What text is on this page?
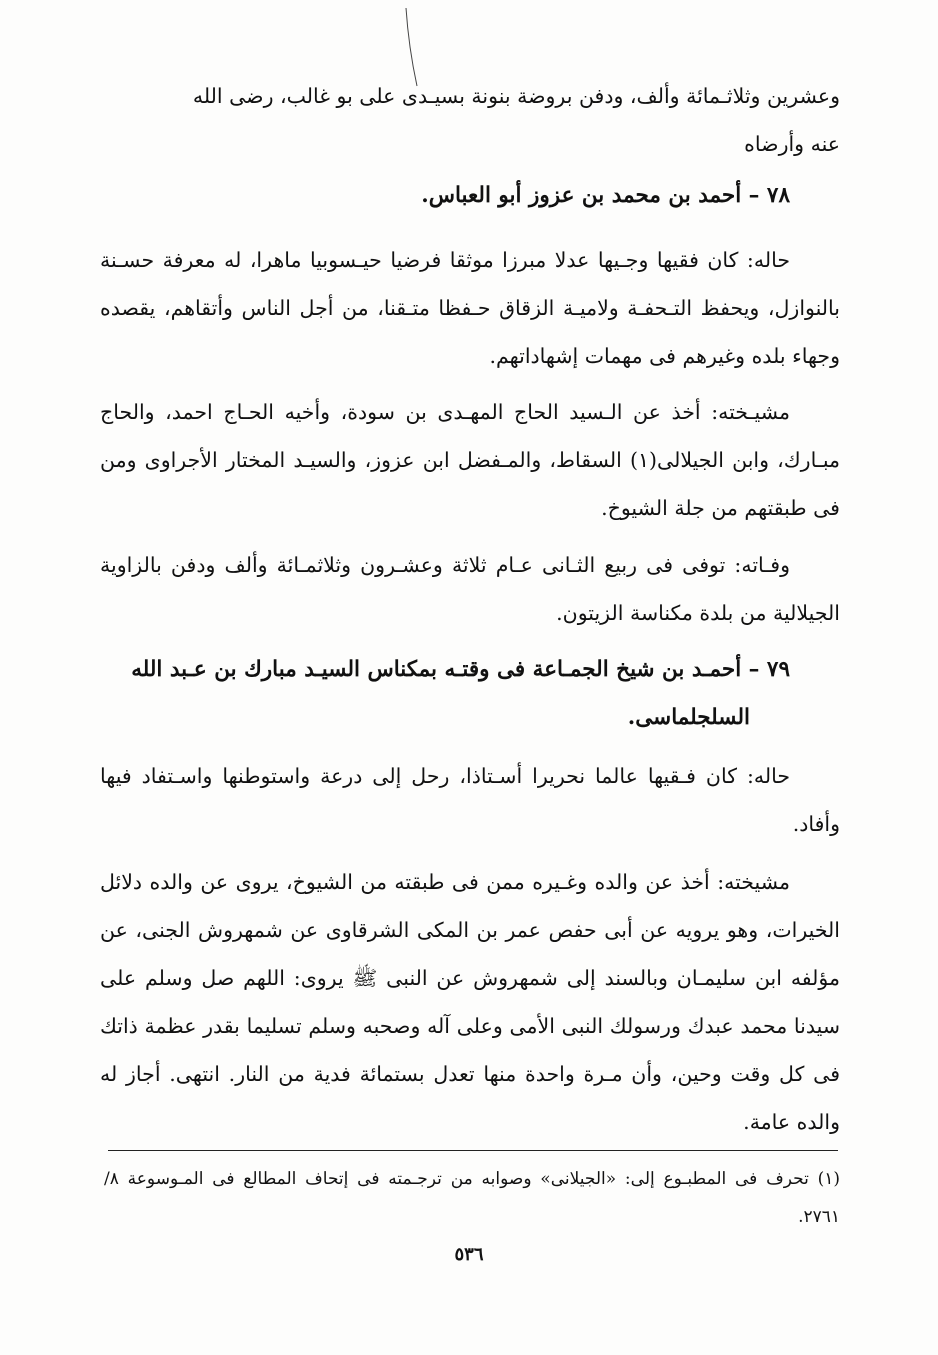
وعشرين وثلاثـمائة وألف، ودفن بروضة بنونة بسيـدى على بو غالب، رضى الله

عنه وأرضاه

٧٨ – أحمد بن محمد بن عزوز أبو العباس.

حاله: كان فقيها وجـيها عدلا مبرزا موثقا فرضيا حيـسوبيا ماهرا، له معرفة حسـنة بالنوازل، ويحفظ التـحفـة ولاميـة الزقاق حـفظا متـقنا، من أجل الناس وأتقاهم، يقصده وجهاء بلده وغيرهم فى مهمات إشهاداتهم.

مشيـخته: أخذ عن الـسيد الحاج المهـدى بن سودة، وأخيه الحـاج احمد، والحاج مبـارك، وابن الجيلالى(١) السقاط، والمـفضل ابن عزوز، والسيـد المختار الأجراوى ومن فى طبقتهم من جلة الشيوخ.

وفـاته: توفى فى ربيع الثـانى عـام ثلاثة وعشـرون وثلاثمـائة وألف ودفن بالزاوية الجيلالية من بلدة مكناسة الزيتون.

٧٩ – أحمـد بن شيخ الجمـاعة فى وقتـه بمكناس السيـد مبارك بن عـبد الله

السلجلماسى.

حاله: كان فـقيها عالما نحريرا أسـتاذا، رحل إلى درعة واستوطنها واسـتفاد فيها وأفاد.

مشيخته: أخذ عن والده وغـيره ممن فى طبقته من الشيوخ، يروى عن والده دلائل الخيرات، وهو يرويه عن أبى حفص عمر بن المكى الشرقاوى عن شمهروش الجنى، عن مؤلفه ابن سليمـان وبالسند إلى شمهروش عن النبى ﷺ يروى: اللهم صل وسلم على سيدنا محمد عبدك ورسولك النبى الأمى وعلى آله وصحبه وسلم تسليما بقدر عظمة ذاتك فى كل وقت وحين، وأن مـرة واحدة منها تعدل بستمائة فدية من النار. انتهى. أجاز له والده عامة.

(١) تحرف فى المطبـوع إلى: «الجيلانى» وصوابه من ترجـمته فى إتحاف المطالع فى المـوسوعة ٨/ ٢٧٦١.
٥٣٦
